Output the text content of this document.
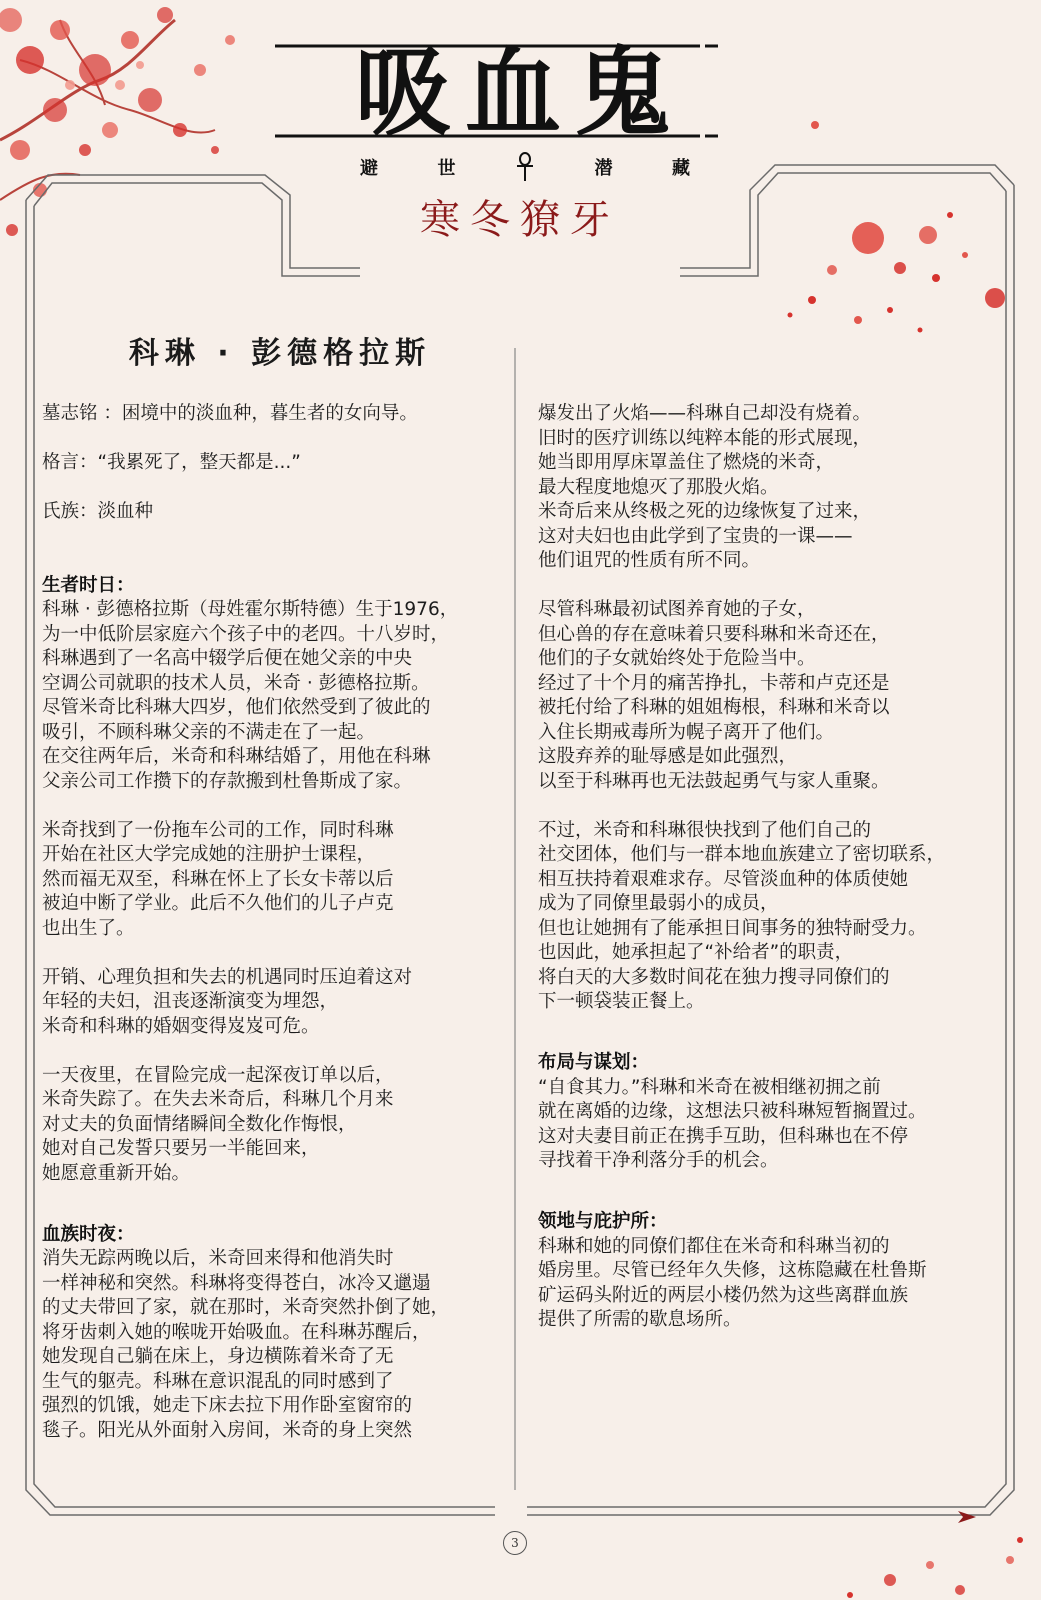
吸血鬼
避	世	潜	藏
寒冬獠牙
科琳 · 彭德格拉斯

墓志铭 ：困境中的淡血种，暮生者的女向导。

格言：“我累死了，整天都是...”

氏族：淡血种

生者时日：
科琳 · 彭德格拉斯（母姓霍尔斯特德）生于1976，
为一中低阶层家庭六个孩子中的老四。十八岁时，
科琳遇到了一名高中辍学后便在她父亲的中央
空调公司就职的技术人员，米奇 · 彭德格拉斯。
尽管米奇比科琳大四岁，他们依然受到了彼此的
吸引，不顾科琳父亲的不满走在了一起。
在交往两年后，米奇和科琳结婚了，用他在科琳
父亲公司工作攒下的存款搬到杜鲁斯成了家。
米奇找到了一份拖车公司的工作，同时科琳
开始在社区大学完成她的注册护士课程，
然而福无双至，科琳在怀上了长女卡蒂以后
被迫中断了学业。此后不久他们的儿子卢克
也出生了。
开销、心理负担和失去的机遇同时压迫着这对
年轻的夫妇，沮丧逐渐演变为埋怨，
米奇和科琳的婚姻变得岌岌可危。
一天夜里，在冒险完成一起深夜订单以后，
米奇失踪了。在失去米奇后，科琳几个月来
对丈夫的负面情绪瞬间全数化作悔恨，
她对自己发誓只要另一半能回来，
她愿意重新开始。
血族时夜：
消失无踪两晚以后，米奇回来得和他消失时
一样神秘和突然。科琳将变得苍白，冰冷又邋遢
的丈夫带回了家，就在那时，米奇突然扑倒了她，
将牙齿刺入她的喉咙开始吸血。在科琳苏醒后，
她发现自己躺在床上，身边横陈着米奇了无
生气的躯壳。科琳在意识混乱的同时感到了
强烈的饥饿，她走下床去拉下用作卧室窗帘的
毯子。阳光从外面射入房间，米奇的身上突然
爆发出了火焰——科琳自己却没有烧着。
旧时的医疗训练以纯粹本能的形式展现，
她当即用厚床罩盖住了燃烧的米奇，
最大程度地熄灭了那股火焰。
米奇后来从终极之死的边缘恢复了过来，
这对夫妇也由此学到了宝贵的一课——
他们诅咒的性质有所不同。
尽管科琳最初试图养育她的子女，
但心兽的存在意味着只要科琳和米奇还在，
他们的子女就始终处于危险当中。
经过了十个月的痛苦挣扎，卡蒂和卢克还是
被托付给了科琳的姐姐梅根，科琳和米奇以
入住长期戒毒所为幌子离开了他们。
这股弃养的耻辱感是如此强烈，
以至于科琳再也无法鼓起勇气与家人重聚。
不过，米奇和科琳很快找到了他们自己的
社交团体，他们与一群本地血族建立了密切联系，
相互扶持着艰难求存。尽管淡血种的体质使她
成为了同僚里最弱小的成员，
但也让她拥有了能承担日间事务的独特耐受力。
也因此，她承担起了“补给者”的职责，
将白天的大多数时间花在独力搜寻同僚们的
下一顿袋装正餐上。
布局与谋划：
“自食其力。”科琳和米奇在被相继初拥之前
就在离婚的边缘，这想法只被科琳短暂搁置过。
这对夫妻目前正在携手互助，但科琳也在不停
寻找着干净利落分手的机会。
领地与庇护所：
科琳和她的同僚们都住在米奇和科琳当初的
婚房里。尽管已经年久失修，这栋隐藏在杜鲁斯
矿运码头附近的两层小楼仍然为这些离群血族
提供了所需的歇息场所。
3
